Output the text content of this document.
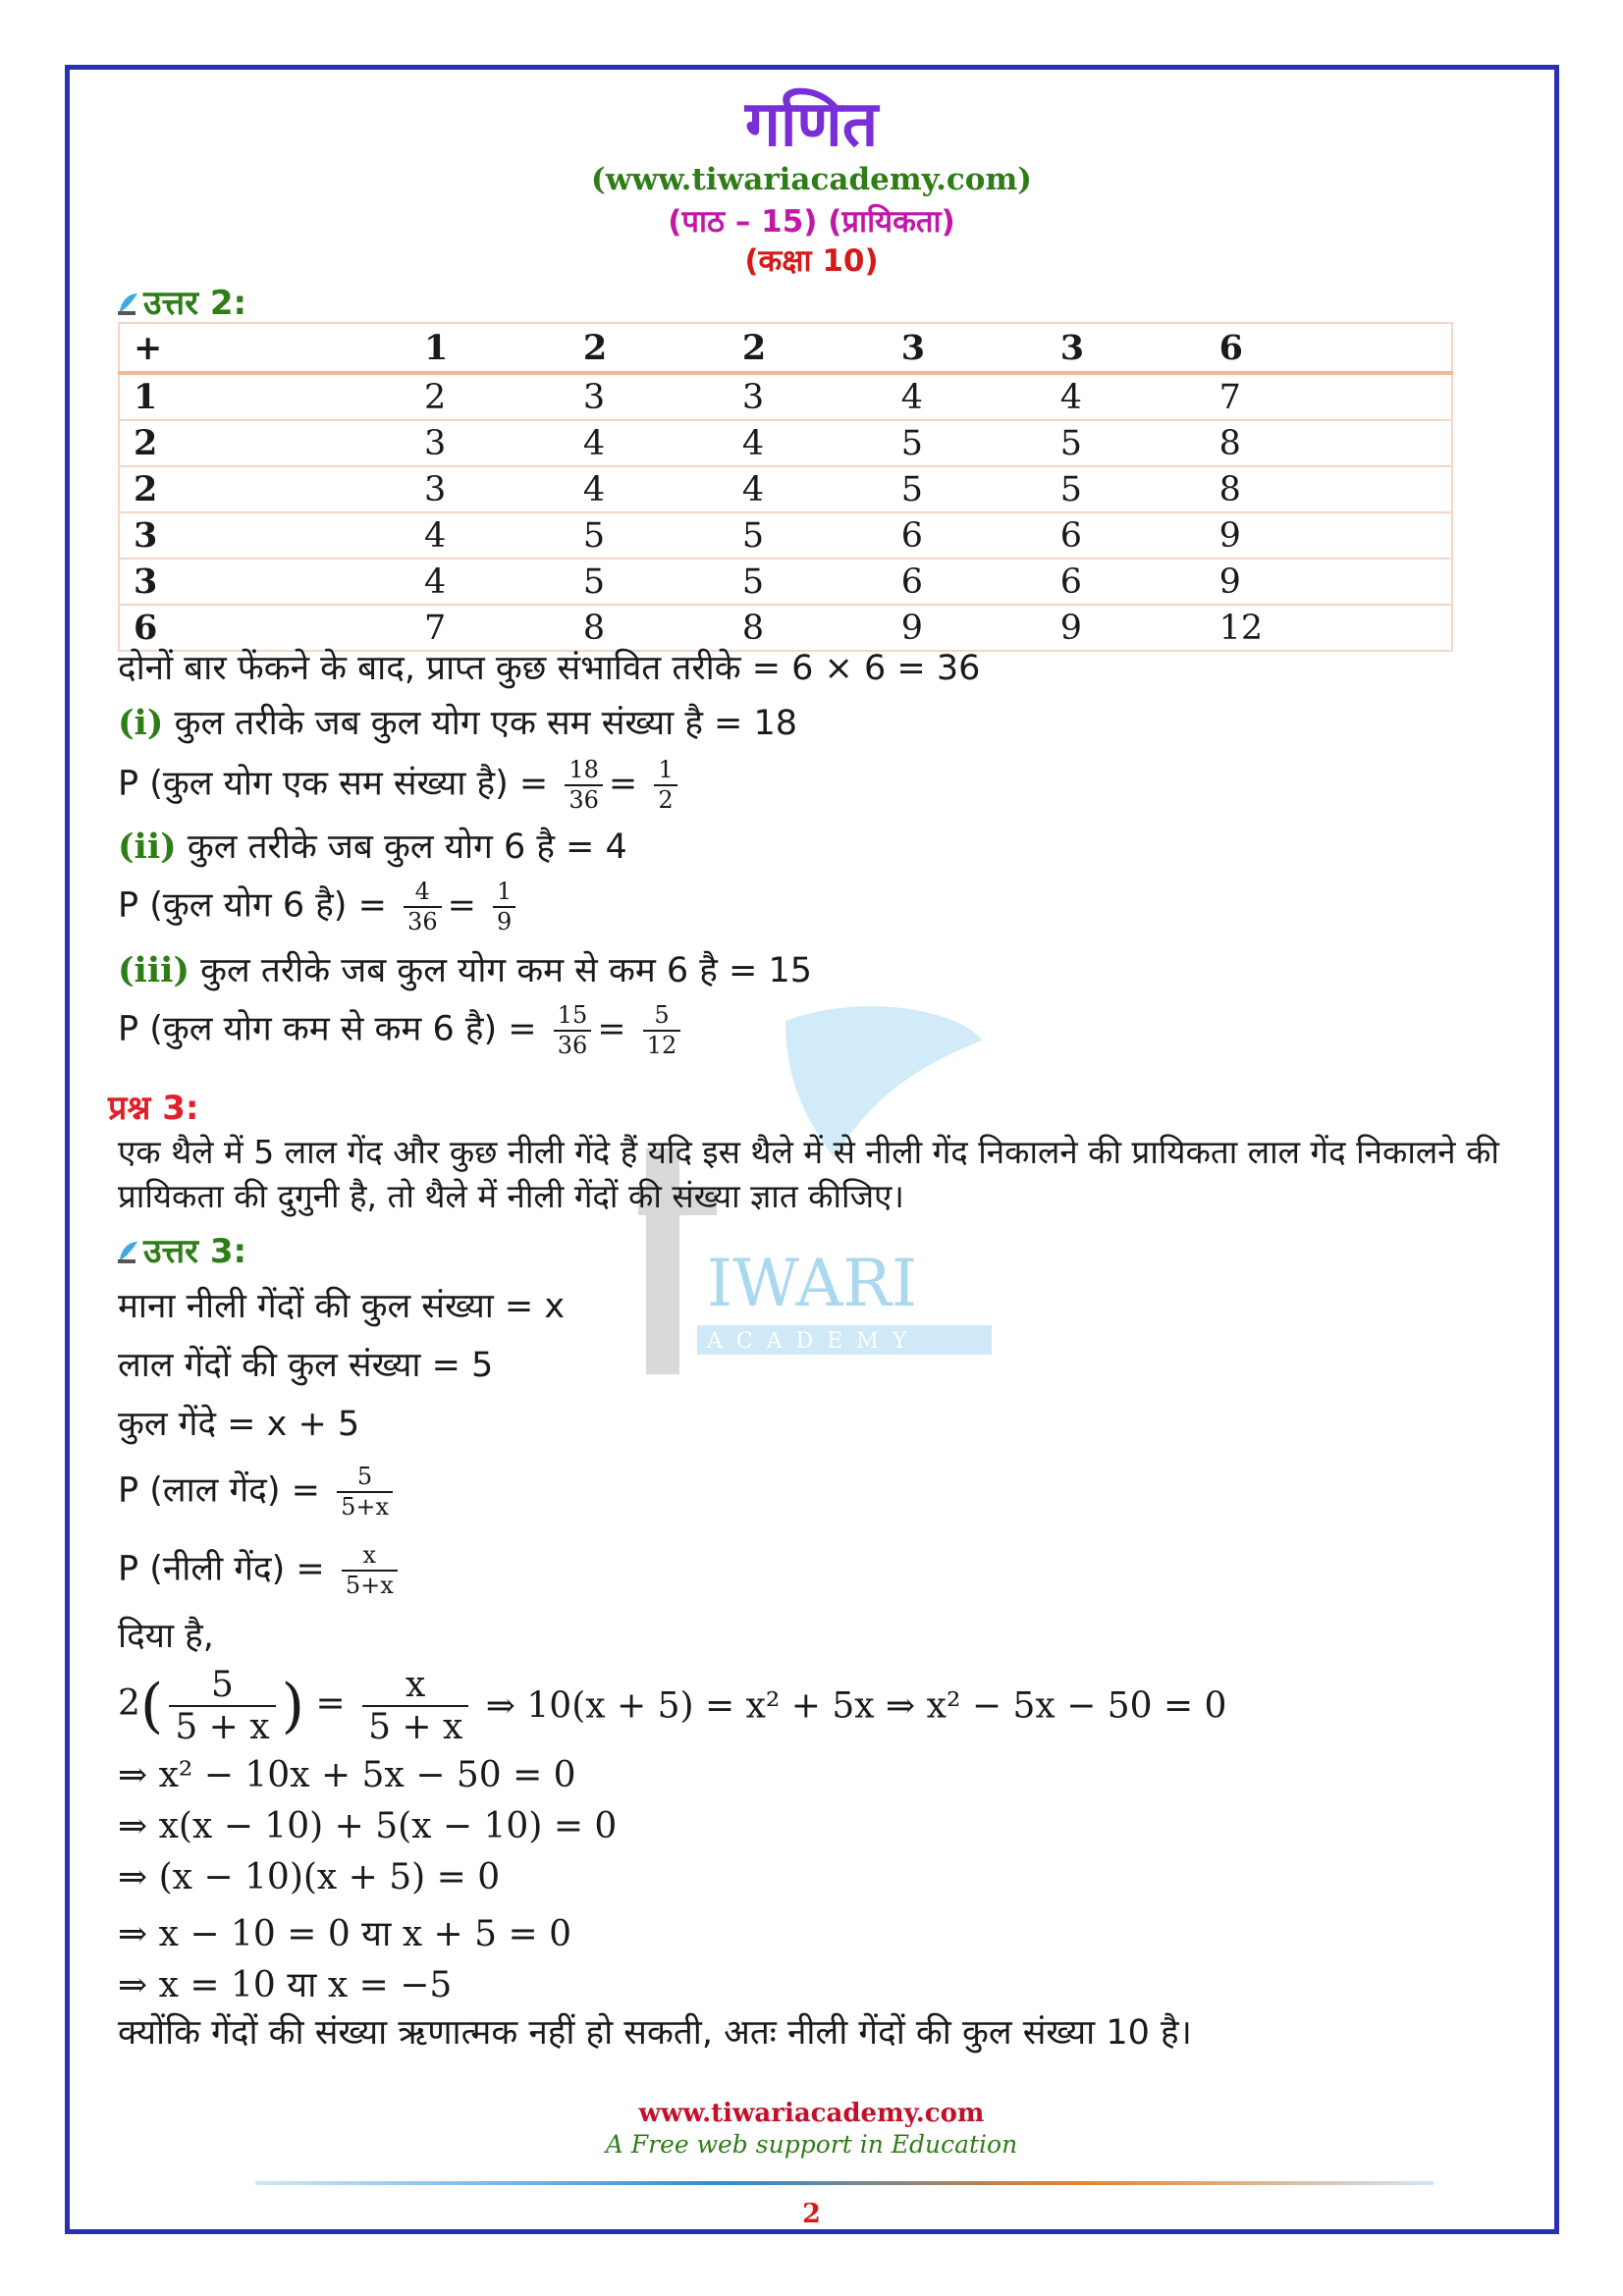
IWARI
ACADEMY
गणित
(www.tiwariacademy.com)
(पाठ – 15) (प्रायिकता)
(कक्षा 10)
उत्तर 2:
+	1	2	2	3	3	6
1	2	3	3	4	4	7
2	3	4	4	5	5	8
2	3	4	4	5	5	8
3	4	5	5	6	6	9
3	4	5	5	6	6	9
6	7	8	8	9	9	12
दोनों बार फेंकने के बाद, प्राप्त कुछ संभावित तरीके = 6 × 6 = 36
(i) कुल तरीके जब कुल योग एक सम संख्या है = 18
P (कुल योग एक सम संख्या है) = $\frac{18}{36} = \frac{1}{2}$
(ii) कुल तरीके जब कुल योग 6 है = 4
P (कुल योग 6 है) = $\frac{4}{36} = \frac{1}{9}$
(iii) कुल तरीके जब कुल योग कम से कम 6 है = 15
P (कुल योग कम से कम 6 है) = $\frac{15}{36} = \frac{5}{12}$
प्रश्न 3:
एक थैले में 5 लाल गेंद और कुछ नीली गेंदे हैं यदि इस थैले में से नीली गेंद निकालने की प्रायिकता लाल गेंद निकालने की प्रायिकता की दुगुनी है, तो थैले में नीली गेंदों की संख्या ज्ञात कीजिए।
उत्तर 3:
माना नीली गेंदों की कुल संख्या = x
लाल गेंदों की कुल संख्या = 5
कुल गेंदे = x + 5
P (लाल गेंद) = $\frac{5}{5+x}$
P (नीली गेंद) = $\frac{x}{5+x}$
दिया है,
$2( \frac{5}{5 + x}$ ) = $\frac{x}{5 + x}$ ⇒ 10(x + 5) = x² + 5x ⇒ x² − 5x − 50 = 0
⇒ x² − 10x + 5x − 50 = 0
⇒ x(x − 10) + 5(x − 10) = 0
⇒ (x − 10)(x + 5) = 0
⇒ x − 10 = 0 या x + 5 = 0
⇒ x = 10 या x = −5
क्योंकि गेंदों की संख्या ऋणात्मक नहीं हो सकती, अतः नीली गेंदों की कुल संख्या 10 है।
www.tiwariacademy.com
A Free web support in Education
2
